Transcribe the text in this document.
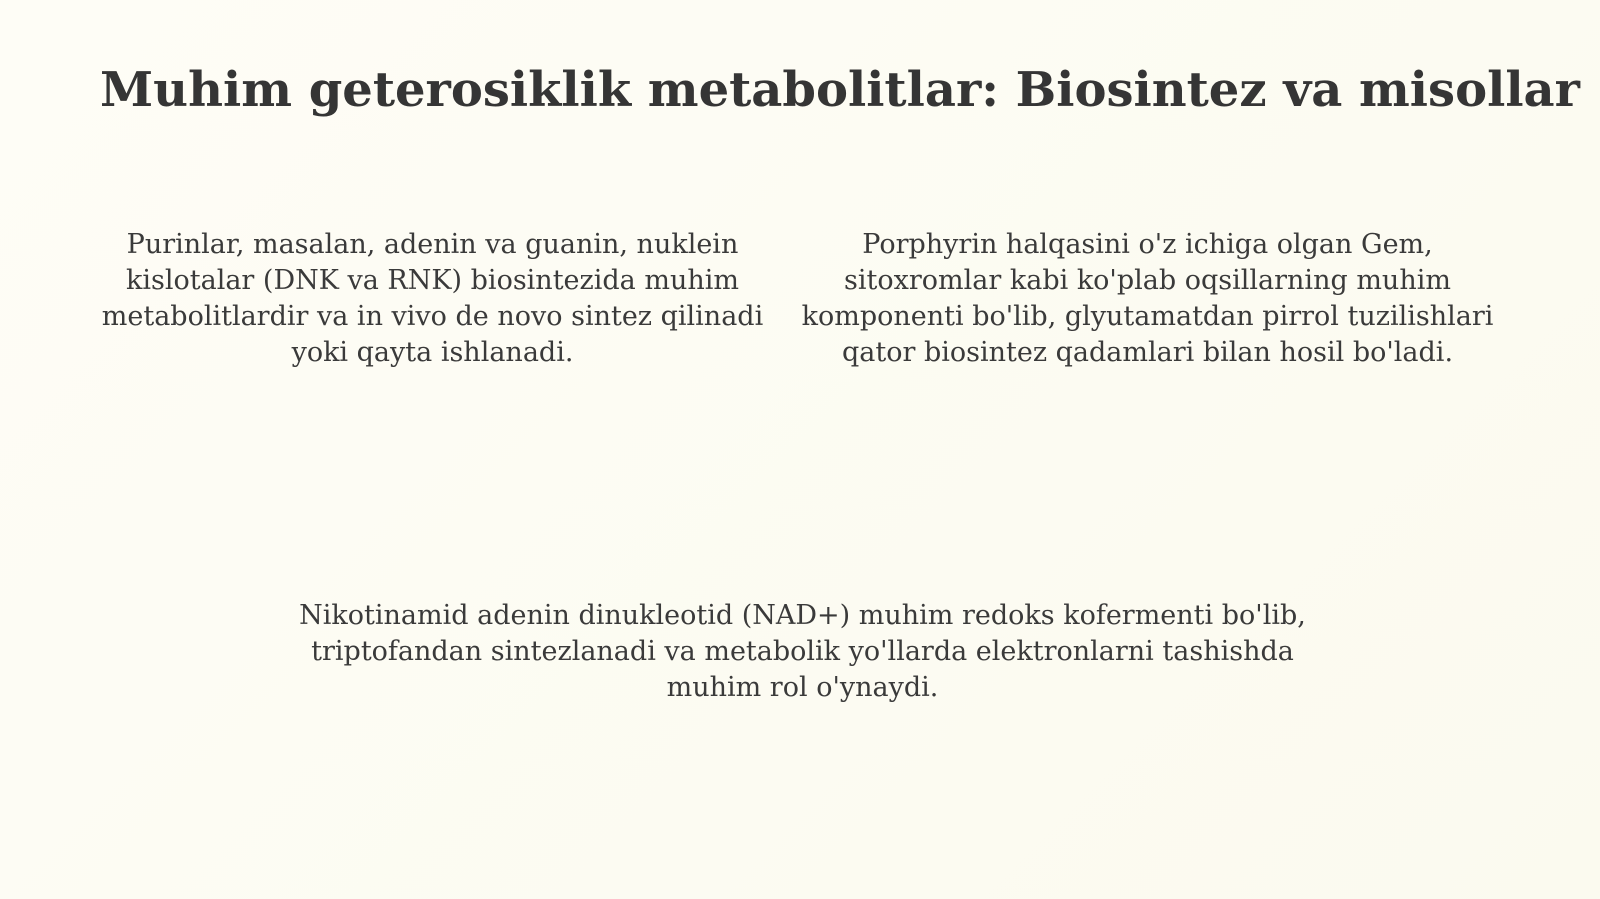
Muhim geterosiklik metabolitlar: Biosintez va misollar

Purinlar, masalan, adenin va guanin, nuklein kislotalar (DNK va RNK) biosintezida muhim metabolitlardir va in vivo de novo sintez qilinadi yoki qayta ishlanadi.

Porphyrin halqasini o'z ichiga olgan Gem, sitoxromlar kabi ko'plab oqsillarning muhim komponenti bo'lib, glyutamatdan pirrol tuzilishlari qator biosintez qadamlari bilan hosil bo'ladi.

Nikotinamid adenin dinukleotid (NAD+) muhim redoks kofermenti bo'lib, triptofandan sintezlanadi va metabolik yo'llarda elektronlarni tashishda muhim rol o'ynaydi.
